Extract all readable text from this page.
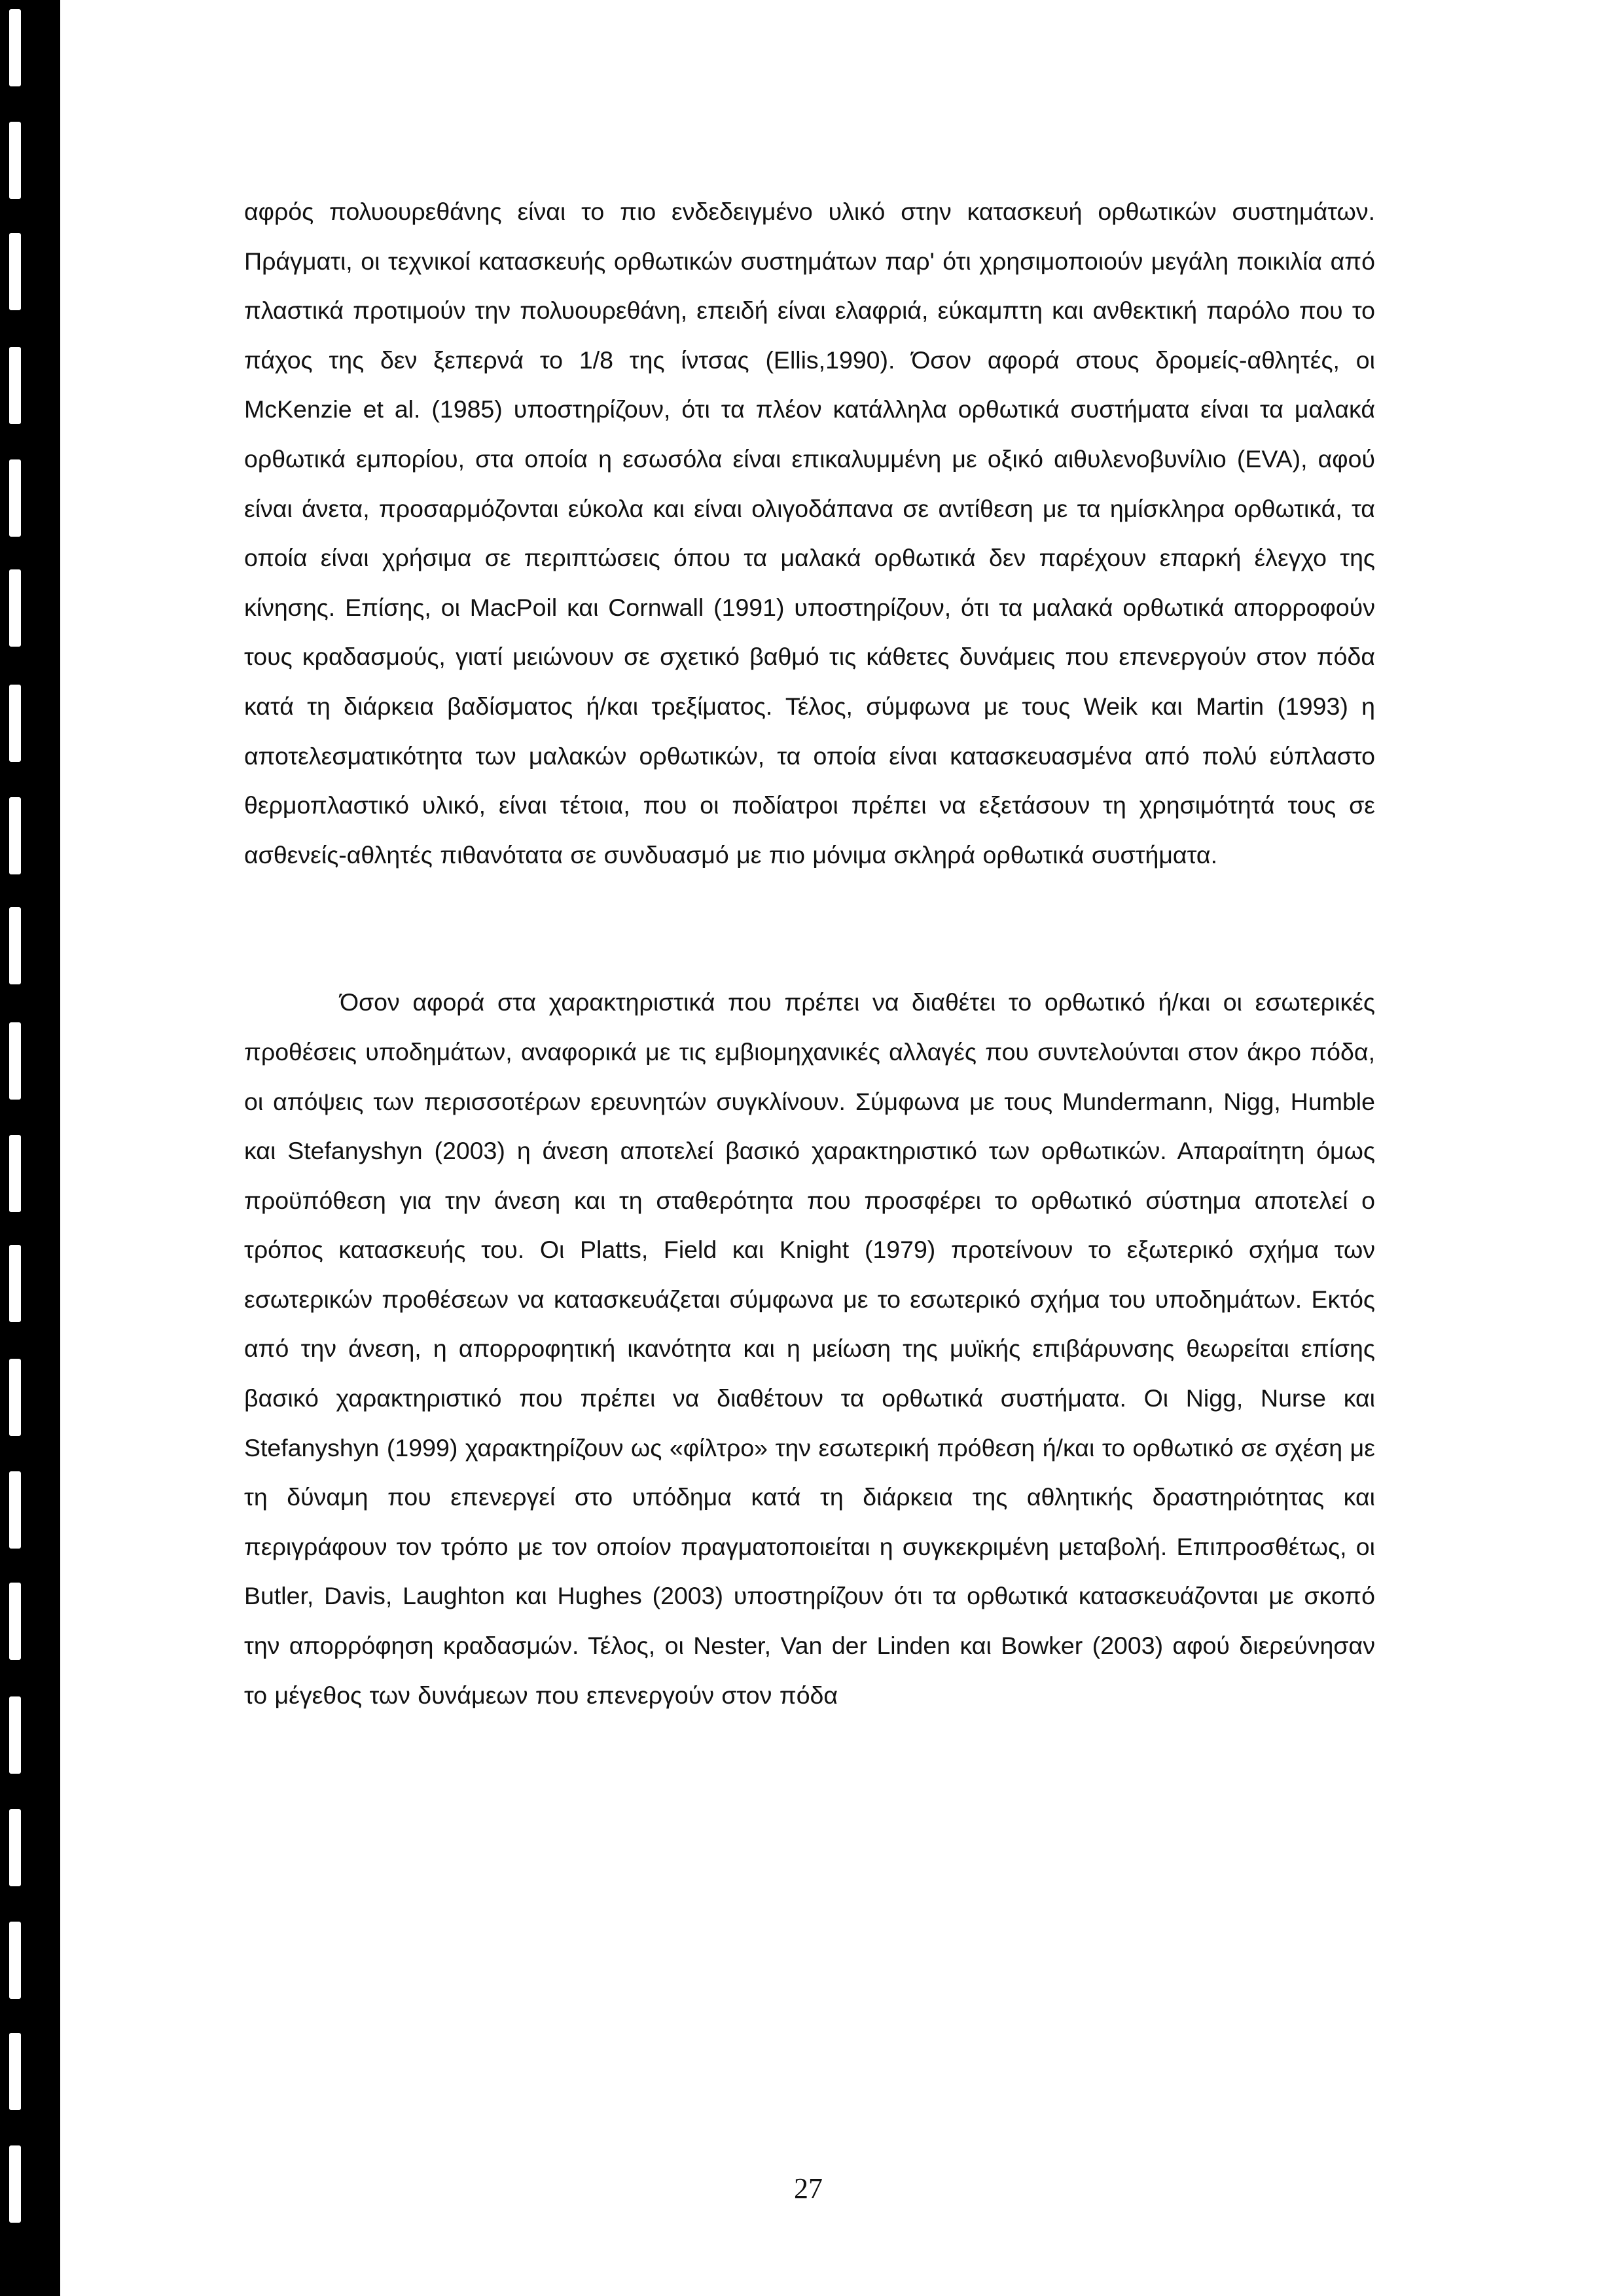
αφρός πολυουρεθάνης είναι το πιο ενδεδειγμένο υλικό στην κατασκευή ορθωτικών συστημάτων. Πράγματι, οι τεχνικοί κατασκευής ορθωτικών συστημάτων παρ' ότι χρησιμοποιούν μεγάλη ποικιλία από πλαστικά προτιμούν την πολυουρεθάνη, επειδή είναι ελαφριά, εύκαμπτη και ανθεκτική παρόλο που το πάχος της δεν ξεπερνά το 1/8 της ίντσας (Ellis,1990). Όσον αφορά στους δρομείς-αθλητές, οι McKenzie et al. (1985) υποστηρίζουν, ότι τα πλέον κατάλληλα ορθωτικά συστήματα είναι τα μαλακά ορθωτικά εμπορίου, στα οποία η εσωσόλα είναι επικαλυμμένη με οξικό αιθυλενοβυνίλιο (EVA), αφού είναι άνετα, προσαρμόζονται εύκολα και είναι ολιγοδάπανα σε αντίθεση με τα ημίσκληρα ορθωτικά, τα οποία είναι χρήσιμα σε περιπτώσεις όπου τα μαλακά ορθωτικά δεν παρέχουν επαρκή έλεγχο της κίνησης. Επίσης, οι MacPoil και Cornwall (1991) υποστηρίζουν, ότι τα μαλακά ορθωτικά απορροφούν τους κραδασμούς, γιατί μειώνουν σε σχετικό βαθμό τις κάθετες δυνάμεις που επενεργούν στον πόδα κατά τη διάρκεια βαδίσματος ή/και τρεξίματος. Τέλος, σύμφωνα με τους Weik και Martin (1993) η αποτελεσματικότητα των μαλακών ορθωτικών, τα οποία είναι κατασκευασμένα από πολύ εύπλαστο θερμοπλαστικό υλικό, είναι τέτοια, που οι ποδίατροι πρέπει να εξετάσουν τη χρησιμότητά τους σε ασθενείς-αθλητές πιθανότατα σε συνδυασμό με πιο μόνιμα σκληρά ορθωτικά συστήματα.

Όσον αφορά στα χαρακτηριστικά που πρέπει να διαθέτει το ορθωτικό ή/και οι εσωτερικές προθέσεις υποδημάτων, αναφορικά με τις εμβιομηχανικές αλλαγές που συντελούνται στον άκρο πόδα, οι απόψεις των περισσοτέρων ερευνητών συγκλίνουν. Σύμφωνα με τους Mundermann, Nigg, Humble και Stefanyshyn (2003) η άνεση αποτελεί βασικό χαρακτηριστικό των ορθωτικών. Απαραίτητη όμως προϋπόθεση για την άνεση και τη σταθερότητα που προσφέρει το ορθωτικό σύστημα αποτελεί ο τρόπος κατασκευής του. Οι Platts, Field και Knight (1979) προτείνουν το εξωτερικό σχήμα των εσωτερικών προθέσεων να κατασκευάζεται σύμφωνα με το εσωτερικό σχήμα του υποδημάτων. Εκτός από την άνεση, η απορροφητική ικανότητα και η μείωση της μυϊκής επιβάρυνσης θεωρείται επίσης βασικό χαρακτηριστικό που πρέπει να διαθέτουν τα ορθωτικά συστήματα. Οι Nigg, Nurse και Stefanyshyn (1999) χαρακτηρίζουν ως «φίλτρο» την εσωτερική πρόθεση ή/και το ορθωτικό σε σχέση με τη δύναμη που επενεργεί στο υπόδημα κατά τη διάρκεια της αθλητικής δραστηριότητας και περιγράφουν τον τρόπο με τον οποίον πραγματοποιείται η συγκεκριμένη μεταβολή. Επιπροσθέτως, οι Butler, Davis, Laughton και Hughes (2003) υποστηρίζουν ότι τα ορθωτικά κατασκευάζονται με σκοπό την απορρόφηση κραδασμών. Τέλος, οι Nester, Van der Linden και Bowker (2003) αφού διερεύνησαν το μέγεθος των δυνάμεων που επενεργούν στον πόδα

27
